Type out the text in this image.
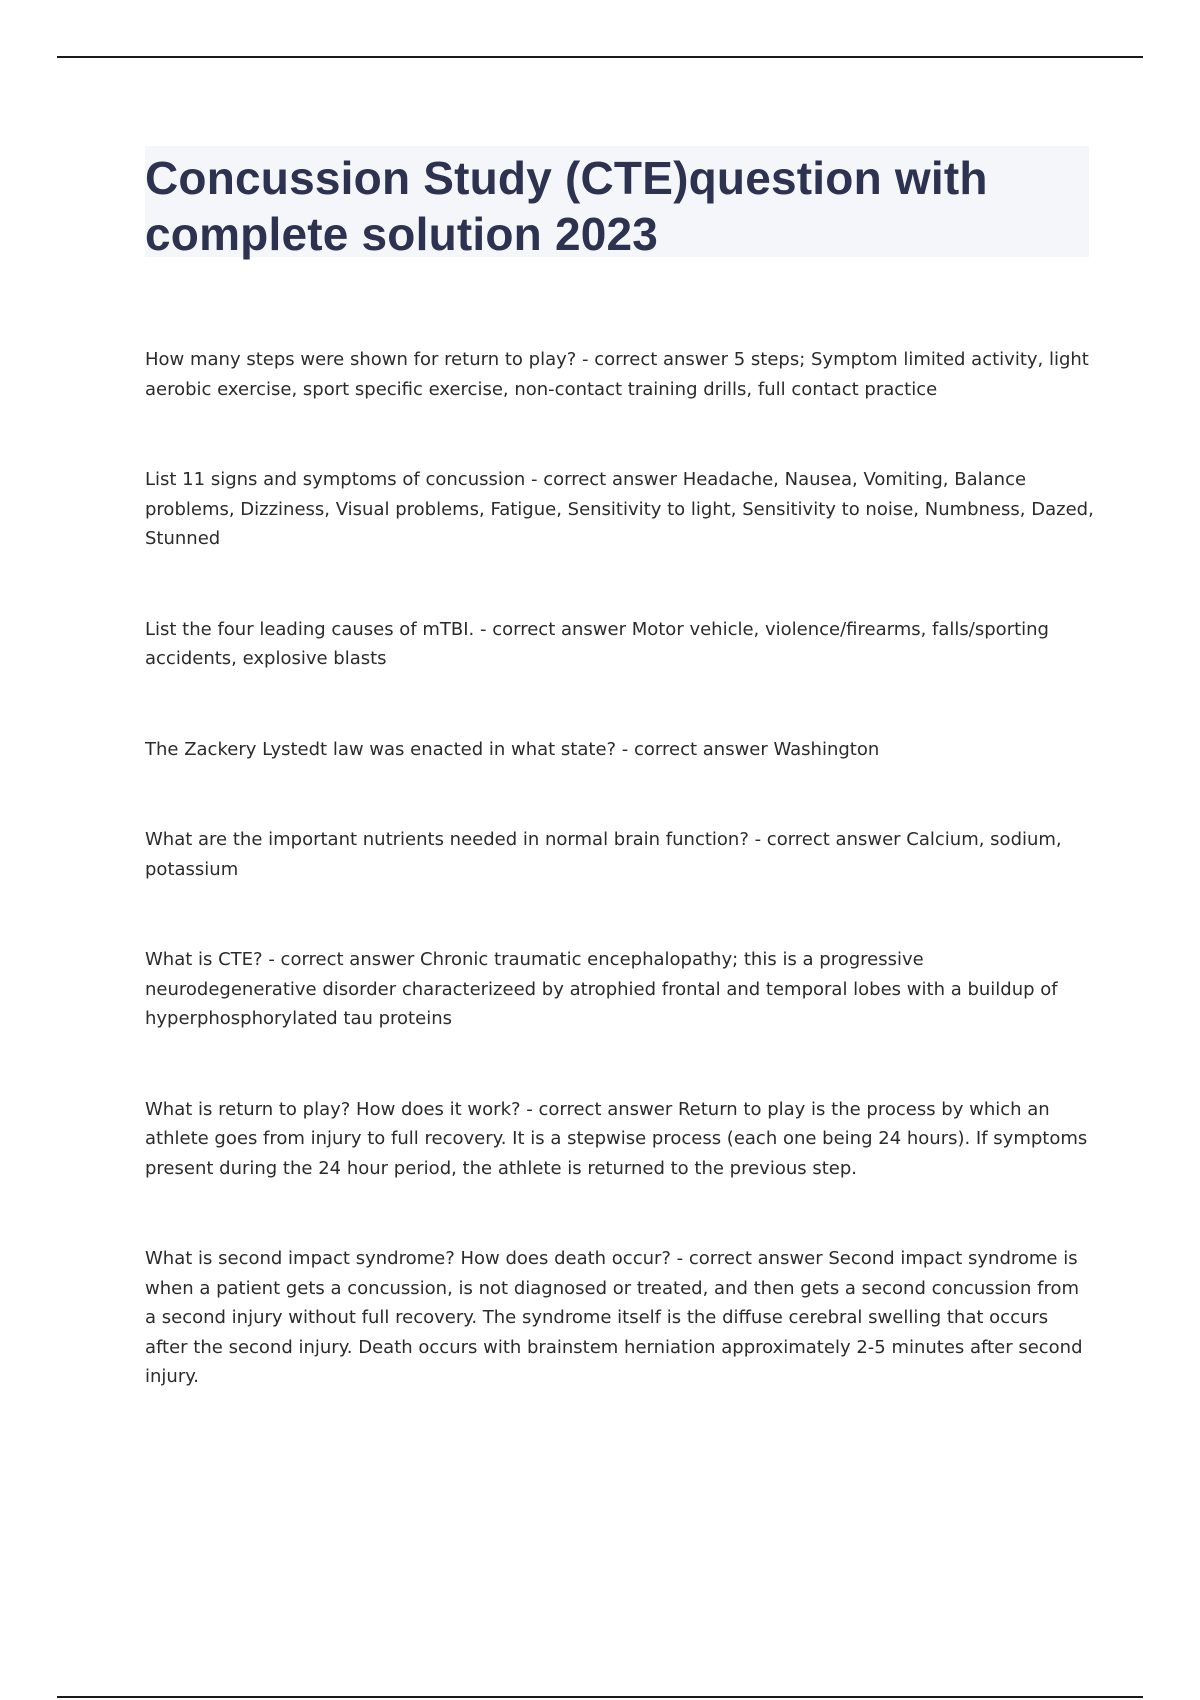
Concussion Study (CTE)question with complete solution 2023

How many steps were shown for return to play? - correct answer 5 steps; Symptom limited activity, light aerobic exercise, sport specific exercise, non-contact training drills, full contact practice

List 11 signs and symptoms of concussion - correct answer Headache, Nausea, Vomiting, Balance problems, Dizziness, Visual problems, Fatigue, Sensitivity to light, Sensitivity to noise, Numbness, Dazed, Stunned

List the four leading causes of mTBI. - correct answer Motor vehicle, violence/firearms, falls/sporting accidents, explosive blasts

The Zackery Lystedt law was enacted in what state? - correct answer Washington

What are the important nutrients needed in normal brain function? - correct answer Calcium, sodium, potassium

What is CTE? - correct answer Chronic traumatic encephalopathy; this is a progressive neurodegenerative disorder characterizeed by atrophied frontal and temporal lobes with a buildup of hyperphosphorylated tau proteins

What is return to play? How does it work? - correct answer Return to play is the process by which an athlete goes from injury to full recovery. It is a stepwise process (each one being 24 hours). If symptoms present during the 24 hour period, the athlete is returned to the previous step.

What is second impact syndrome? How does death occur? - correct answer Second impact syndrome is when a patient gets a concussion, is not diagnosed or treated, and then gets a second concussion from a second injury without full recovery. The syndrome itself is the diffuse cerebral swelling that occurs after the second injury. Death occurs with brainstem herniation approximately 2-5 minutes after second injury.
